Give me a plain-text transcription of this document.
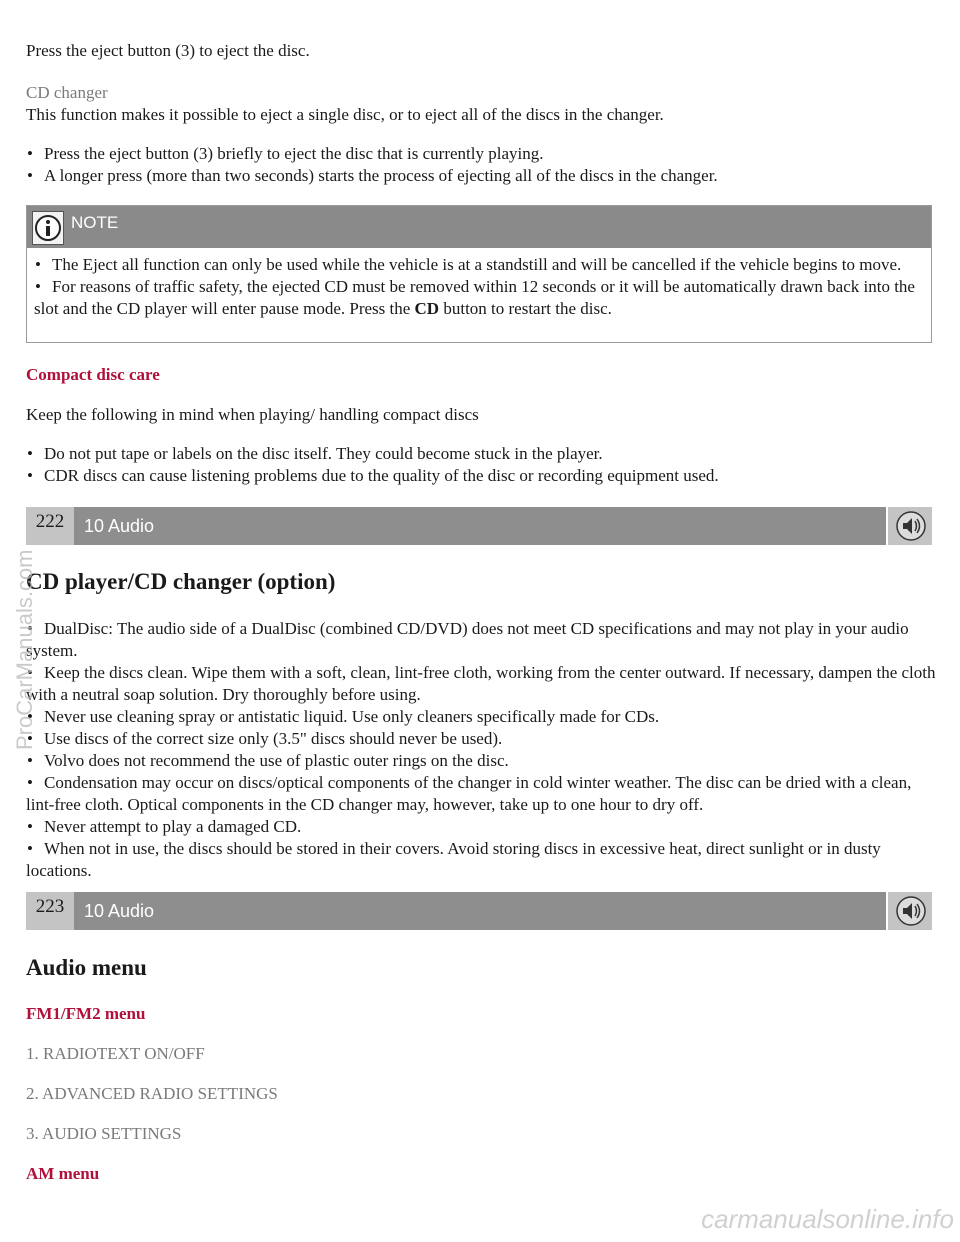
Press the eject button (3) to eject the disc.

CD changer

This function makes it possible to eject a single disc, or to eject all of the discs in the changer.

• Press the eject button (3) briefly to eject the disc that is currently playing.
• A longer press (more than two seconds) starts the process of ejecting all of the discs in the changer.
NOTE
• The Eject all function can only be used while the vehicle is at a standstill and will be cancelled if the vehicle begins to move.
• For reasons of traffic safety, the ejected CD must be removed within 12 seconds or it will be automatically drawn back into the slot and the CD player will enter pause mode. Press the CD button to restart the disc.

Compact disc care

Keep the following in mind when playing/ handling compact discs

• Do not put tape or labels on the disc itself. They could become stuck in the player.
• CDR discs can cause listening problems due to the quality of the disc or recording equipment used.
222	10 Audio
CD player/CD changer (option)
• DualDisc: The audio side of a DualDisc (combined CD/DVD) does not meet CD specifications and may not play in your audio system.
• Keep the discs clean. Wipe them with a soft, clean, lint-free cloth, working from the center outward. If necessary, dampen the cloth with a neutral soap solution. Dry thoroughly before using.
• Never use cleaning spray or antistatic liquid. Use only cleaners specifically made for CDs.
• Use discs of the correct size only (3.5" discs should never be used).
• Volvo does not recommend the use of plastic outer rings on the disc.
• Condensation may occur on discs/optical components of the changer in cold winter weather. The disc can be dried with a clean, lint-free cloth. Optical components in the CD changer may, however, take up to one hour to dry off.
• Never attempt to play a damaged CD.
• When not in use, the discs should be stored in their covers. Avoid storing discs in excessive heat, direct sunlight or in dusty locations.
223	10 Audio
Audio menu

FM1/FM2 menu

1. RADIOTEXT ON/OFF

2. ADVANCED RADIO SETTINGS

3. AUDIO SETTINGS

AM menu

ProCarManuals.com
carmanualsonline.info
